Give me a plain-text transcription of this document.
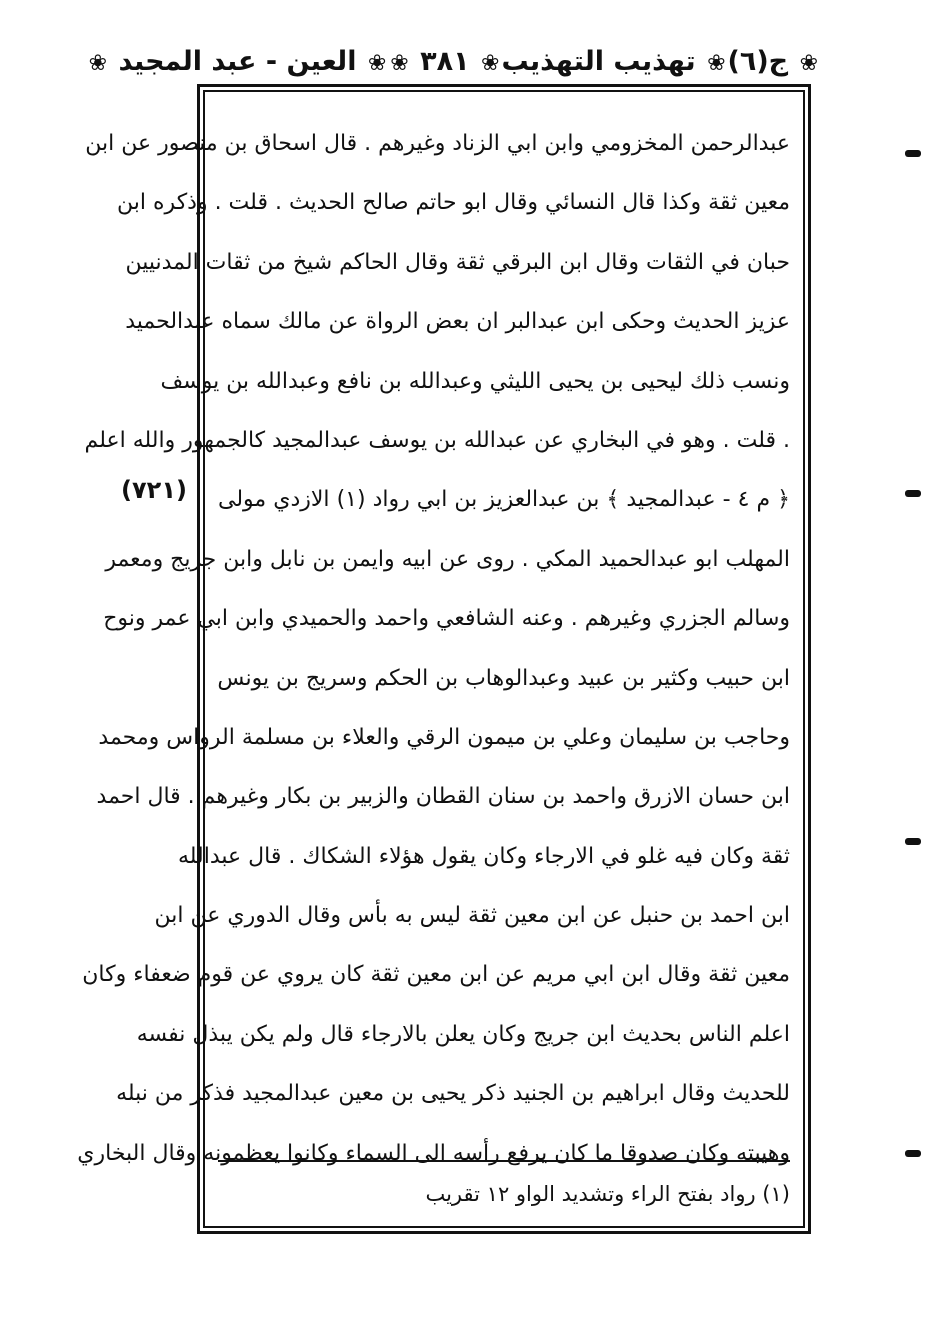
ج(٦) ❀
تهذيب التهذيب ❀
❀ ٣٨١ ❀
❀ العين - عبد المجيد ❀
(٧٢١)
عبدالرحمن المخزومي وابن ابي الزناد وغيرهم . قال اسحاق بن منصور عن ابن
معين ثقة وكذا قال النسائي وقال ابو حاتم صالح الحديث . قلت . وذكره ابن
حبان في الثقات وقال ابن البرقي ثقة وقال الحاكم شيخ من ثقات المدنيين
عزيز الحديث وحكى ابن عبدالبر ان بعض الرواة عن مالك سماه عبدالحميد
ونسب ذلك ليحيى بن يحيى الليثي وعبدالله بن نافع وعبدالله بن يوسف
. قلت . وهو في البخاري عن عبدالله بن يوسف عبدالمجيد كالجمهور والله اعلم
﴿ م ٤ - عبدالمجيد ﴾ بن عبدالعزيز بن ابي رواد (١) الازدي مولى
المهلب ابو عبدالحميد المكي . روى عن ابيه وايمن بن نابل وابن جريج ومعمر
وسالم الجزري وغيرهم . وعنه الشافعي واحمد والحميدي وابن ابي عمر ونوح
ابن حبيب وكثير بن عبيد وعبدالوهاب بن الحكم وسريج بن يونس
وحاجب بن سليمان وعلي بن ميمون الرقي والعلاء بن مسلمة الرواس ومحمد
ابن حسان الازرق واحمد بن سنان القطان والزبير بن بكار وغيرهم . قال احمد
ثقة وكان فيه غلو في الارجاء وكان يقول هؤلاء الشكاك . قال عبدالله
ابن احمد بن حنبل عن ابن معين ثقة ليس به بأس وقال الدوري عن ابن
معين ثقة وقال ابن ابي مريم عن ابن معين ثقة كان يروي عن قوم ضعفاء وكان
اعلم الناس بحديث ابن جريج وكان يعلن بالارجاء قال ولم يكن يبذل نفسه
للحديث وقال ابراهيم بن الجنيد ذكر يحيى بن معين عبدالمجيد فذكر من نبله
وهيبته وكان صدوقا ما كان يرفع رأسه الى السماء وكانوا يعظمونه وقال البخاري
(١) رواد بفتح الراء وتشديد الواو ١٢ تقريب
